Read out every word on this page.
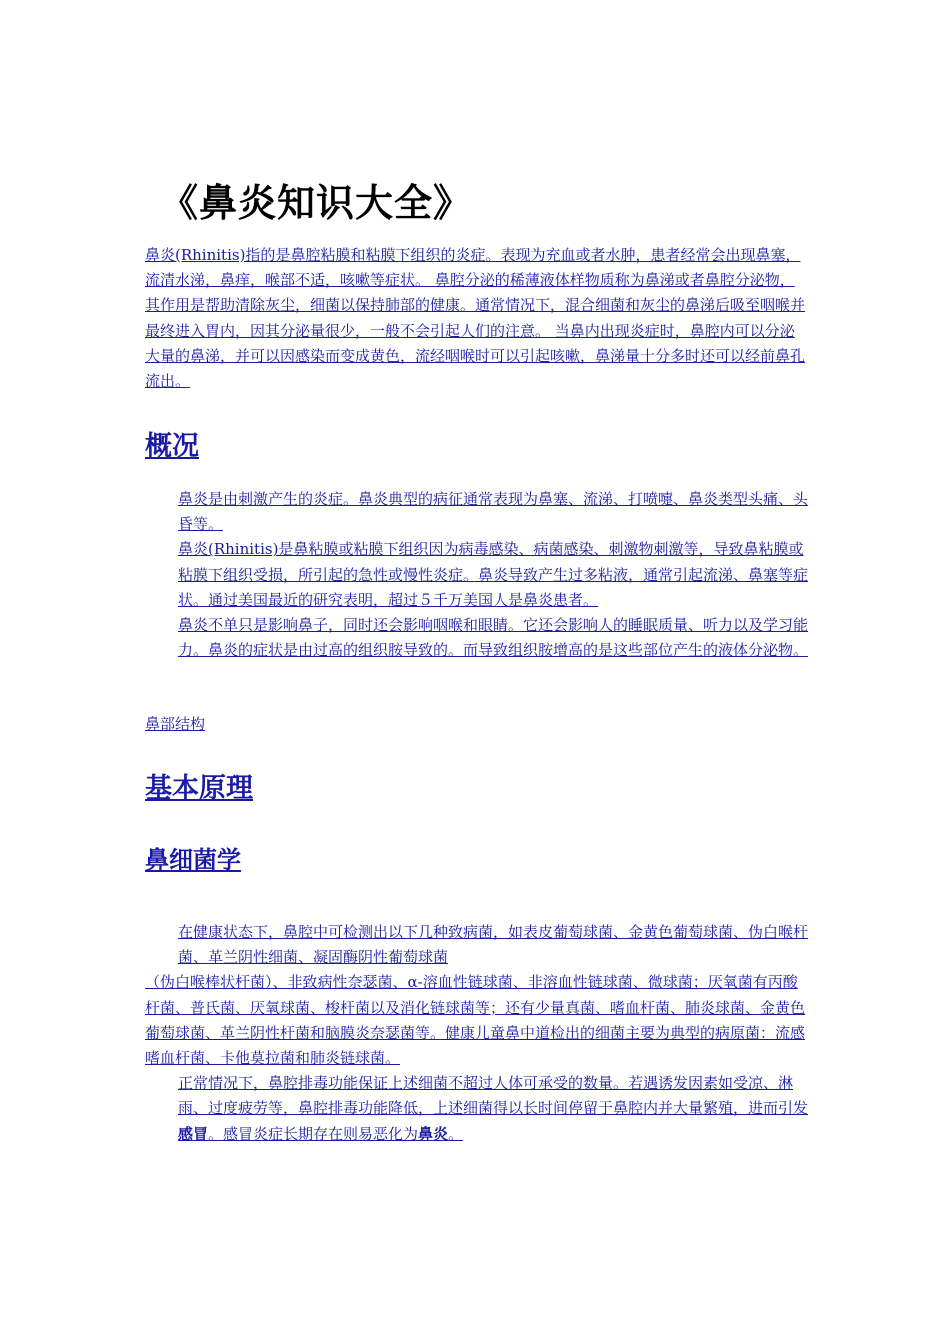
《鼻炎知识大全》

鼻炎(Rhinitis)指的是鼻腔粘膜和粘膜下组织的炎症。表现为充血或者水肿，患者经常会出现鼻塞，流清水涕，鼻痒，喉部不适，咳嗽等症状。 鼻腔分泌的稀薄液体样物质称为鼻涕或者鼻腔分泌物，其作用是帮助清除灰尘，细菌以保持肺部的健康。通常情况下，混合细菌和灰尘的鼻涕后吸至咽喉并最终进入胃内，因其分泌量很少，一般不会引起人们的注意。 当鼻内出现炎症时，鼻腔内可以分泌大量的鼻涕，并可以因感染而变成黄色，流经咽喉时可以引起咳嗽，鼻涕量十分多时还可以经前鼻孔流出。

概况

鼻炎是由刺激产生的炎症。鼻炎典型的病征通常表现为鼻塞、流涕、打喷嚏、鼻炎类型头痛、头昏等。

鼻炎(Rhinitis)是鼻粘膜或粘膜下组织因为病毒感染、病菌感染、刺激物刺激等，导致鼻粘膜或粘膜下组织受损，所引起的急性或慢性炎症。鼻炎导致产生过多粘液，通常引起流涕、鼻塞等症状。通过美国最近的研究表明，超过５千万美国人是鼻炎患者。

鼻炎不单只是影响鼻子，同时还会影响咽喉和眼睛。它还会影响人的睡眠质量、听力以及学习能力。鼻炎的症状是由过高的组织胺导致的。而导致组织胺增高的是这些部位产生的液体分泌物。

鼻部结构

基本原理
鼻细菌学

在健康状态下，鼻腔中可检测出以下几种致病菌，如表皮葡萄球菌、金黄色葡萄球菌、伪白喉杆菌、革兰阴性细菌、凝固酶阴性葡萄球菌

（伪白喉棒状杆菌）、非致病性奈瑟菌、α-溶血性链球菌、非溶血性链球菌、微球菌；厌氧菌有丙酸杆菌、普氏菌、厌氧球菌、梭杆菌以及消化链球菌等；还有少量真菌、嗜血杆菌、肺炎球菌、金黄色葡萄球菌、革兰阴性杆菌和脑膜炎奈瑟菌等。健康儿童鼻中道检出的细菌主要为典型的病原菌：流感嗜血杆菌、卡他莫拉菌和肺炎链球菌。

正常情况下，鼻腔排毒功能保证上述细菌不超过人体可承受的数量。若遇诱发因素如受凉、淋雨、过度疲劳等，鼻腔排毒功能降低，上述细菌得以长时间停留于鼻腔内并大量繁殖，进而引发感冒。感冒炎症长期存在则易恶化为鼻炎。
